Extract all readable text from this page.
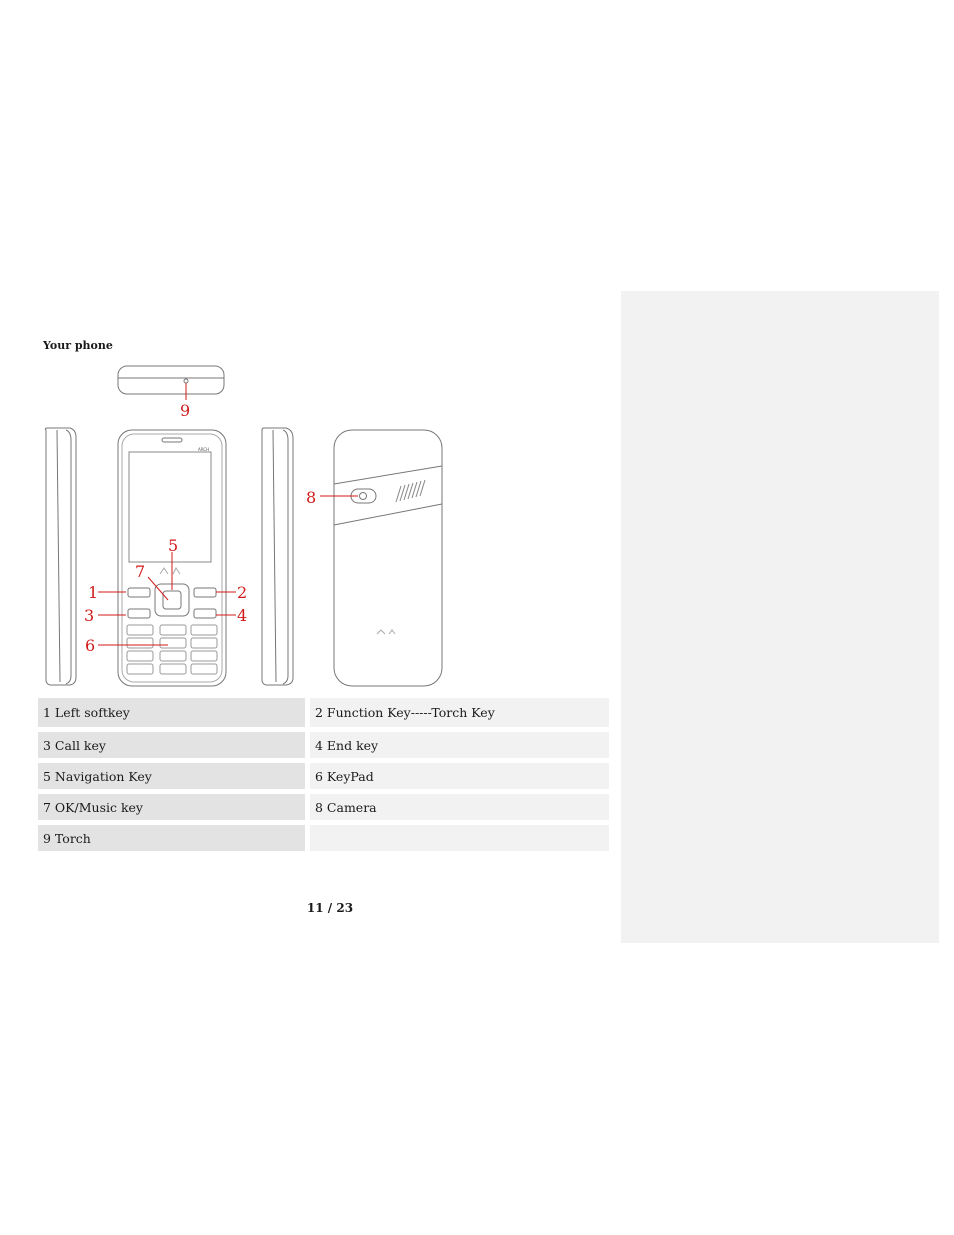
Your phone
ARCH
9
1	2
3	4
5
6
7
8
1 Left softkey	2 Function Key-----Torch Key
3 Call key	4 End key
5 Navigation Key	6 KeyPad
7 OK/Music key	8 Camera
9 Torch
11 / 23
